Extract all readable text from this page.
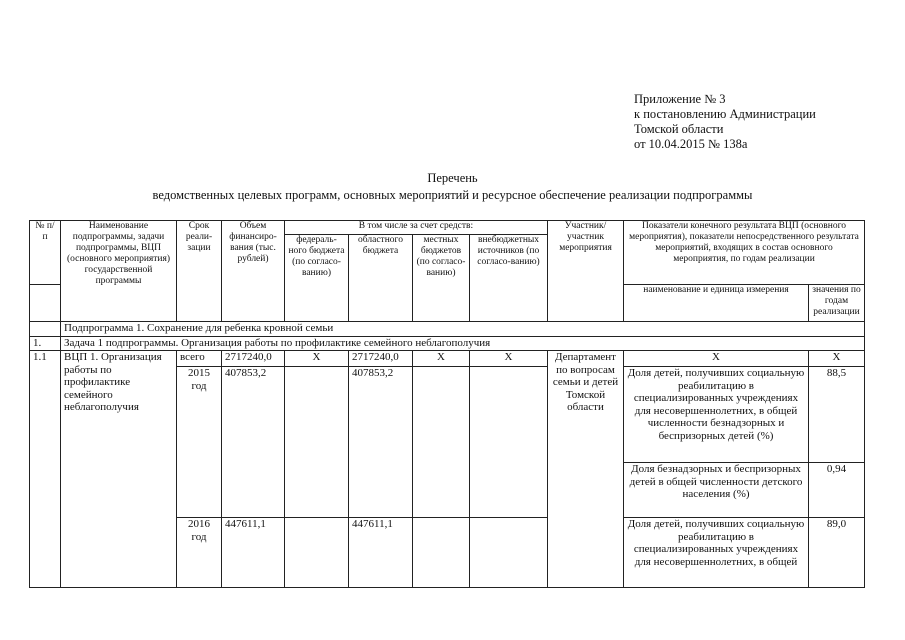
Приложение № 3
к постановлению Администрации
Томской области
от 10.04.2015 № 138а
Перечень
ведомственных целевых программ, основных мероприятий и ресурсное обеспечение реализации подпрограммы
№ п/п	Наименование подпрограммы, задачи подпрограммы, ВЦП (основного мероприятия) государственной программы	Срок реали-зации	Объем финансиро-вания (тыс. рублей)	В том числе за счет средств:				Участник/ участник мероприятия	Показатели конечного результата ВЦП (основного мероприятия), показатели непосредственного результата мероприятий, входящих в состав основного мероприятия, по годам реализации	
				федераль-ного бюджета (по согласо-ванию)	областного бюджета	местных бюджетов (по согласо-ванию)	внебюджетных источников (по согласо-ванию)			
									наименование и единица измерения	значения по годам реализации
	Подпрограмма 1. Сохранение для ребенка кровной семьи									
1.	Задача 1 подпрограммы. Организация работы по профилактике семейного неблагополучия									
1.1	ВЦП 1. Организация работы по профилактике семейного неблагополучия	всего	2717240,0	X	2717240,0	X	X	Департамент по вопросам семьи и детей Томской области	X	X
		2015 год	407853,2		407853,2				Доля детей, получивших социальную реабилитацию в специализированных учреждениях для несовершеннолетних, в общей численности безнадзорных и беспризорных детей (%)	88,5
									Доля безнадзорных и беспризорных детей в общей численности детского населения (%)	0,94
		2016 год	447611,1		447611,1				Доля детей, получивших социальную реабилитацию в специализированных учреждениях для несовершеннолетних, в общей	89,0
